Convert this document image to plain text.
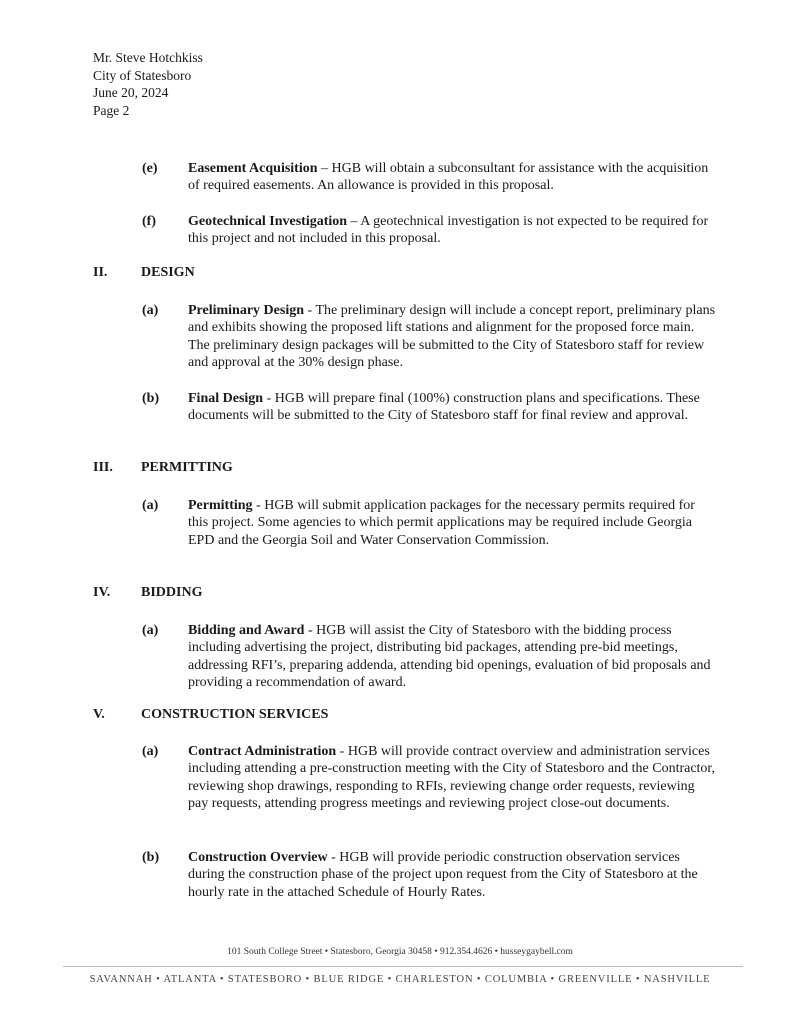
Mr. Steve Hotchkiss
City of Statesboro
June 20, 2024
Page 2
(e) Easement Acquisition – HGB will obtain a subconsultant for assistance with the acquisition of required easements. An allowance is provided in this proposal.
(f) Geotechnical Investigation – A geotechnical investigation is not expected to be required for this project and not included in this proposal.
II. DESIGN
(a) Preliminary Design - The preliminary design will include a concept report, preliminary plans and exhibits showing the proposed lift stations and alignment for the proposed force main. The preliminary design packages will be submitted to the City of Statesboro staff for review and approval at the 30% design phase.
(b) Final Design - HGB will prepare final (100%) construction plans and specifications. These documents will be submitted to the City of Statesboro staff for final review and approval.
III. PERMITTING
(a) Permitting - HGB will submit application packages for the necessary permits required for this project. Some agencies to which permit applications may be required include Georgia EPD and the Georgia Soil and Water Conservation Commission.
IV. BIDDING
(a) Bidding and Award - HGB will assist the City of Statesboro with the bidding process including advertising the project, distributing bid packages, attending pre-bid meetings, addressing RFI’s, preparing addenda, attending bid openings, evaluation of bid proposals and providing a recommendation of award.
V.	CONSTRUCTION SERVICES
(a) Contract Administration - HGB will provide contract overview and administration services including attending a pre-construction meeting with the City of Statesboro and the Contractor, reviewing shop drawings, responding to RFIs, reviewing change order requests, reviewing pay requests, attending progress meetings and reviewing project close-out documents.
(b) Construction Overview - HGB will provide periodic construction observation services during the construction phase of the project upon request from the City of Statesboro at the hourly rate in the attached Schedule of Hourly Rates.
101 South College Street • Statesboro, Georgia 30458 • 912.354.4626 • husseygaybell.com
SAVANNAH • ATLANTA • STATESBORO • BLUE RIDGE • CHARLESTON • COLUMBIA • GREENVILLE • NASHVILLE
